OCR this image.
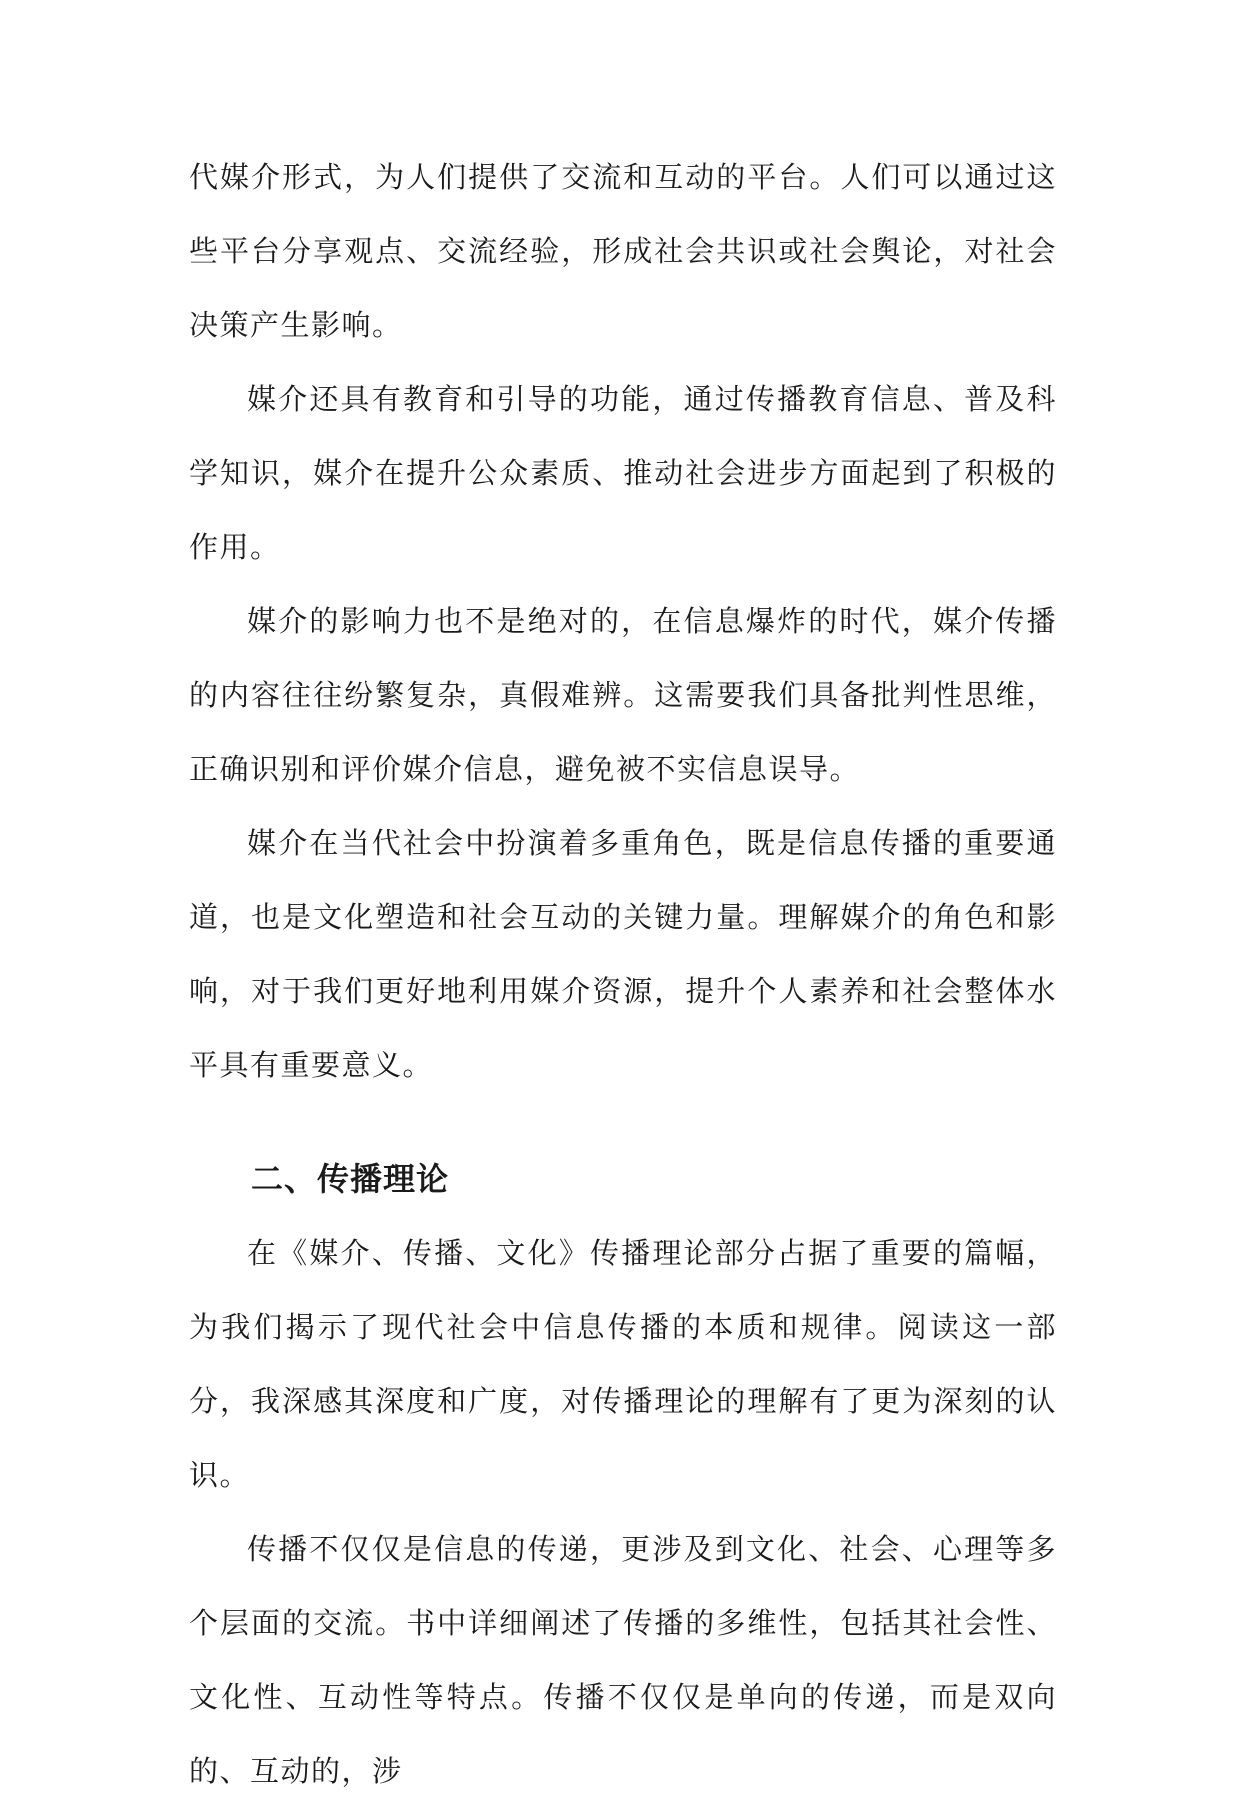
代媒介形式，为人们提供了交流和互动的平台。人们可以通过这些平台分享观点、交流经验，形成社会共识或社会舆论，对社会决策产生影响。

媒介还具有教育和引导的功能，通过传播教育信息、普及科学知识，媒介在提升公众素质、推动社会进步方面起到了积极的作用。

媒介的影响力也不是绝对的，在信息爆炸的时代，媒介传播的内容往往纷繁复杂，真假难辨。这需要我们具备批判性思维，正确识别和评价媒介信息，避免被不实信息误导。

媒介在当代社会中扮演着多重角色，既是信息传播的重要通道，也是文化塑造和社会互动的关键力量。理解媒介的角色和影响，对于我们更好地利用媒介资源，提升个人素养和社会整体水平具有重要意义。

二、传播理论

在《媒介、传播、文化》传播理论部分占据了重要的篇幅，为我们揭示了现代社会中信息传播的本质和规律。阅读这一部分，我深感其深度和广度，对传播理论的理解有了更为深刻的认识。

传播不仅仅是信息的传递，更涉及到文化、社会、心理等多个层面的交流。书中详细阐述了传播的多维性，包括其社会性、文化性、互动性等特点。传播不仅仅是单向的传递，而是双向的、互动的，涉
